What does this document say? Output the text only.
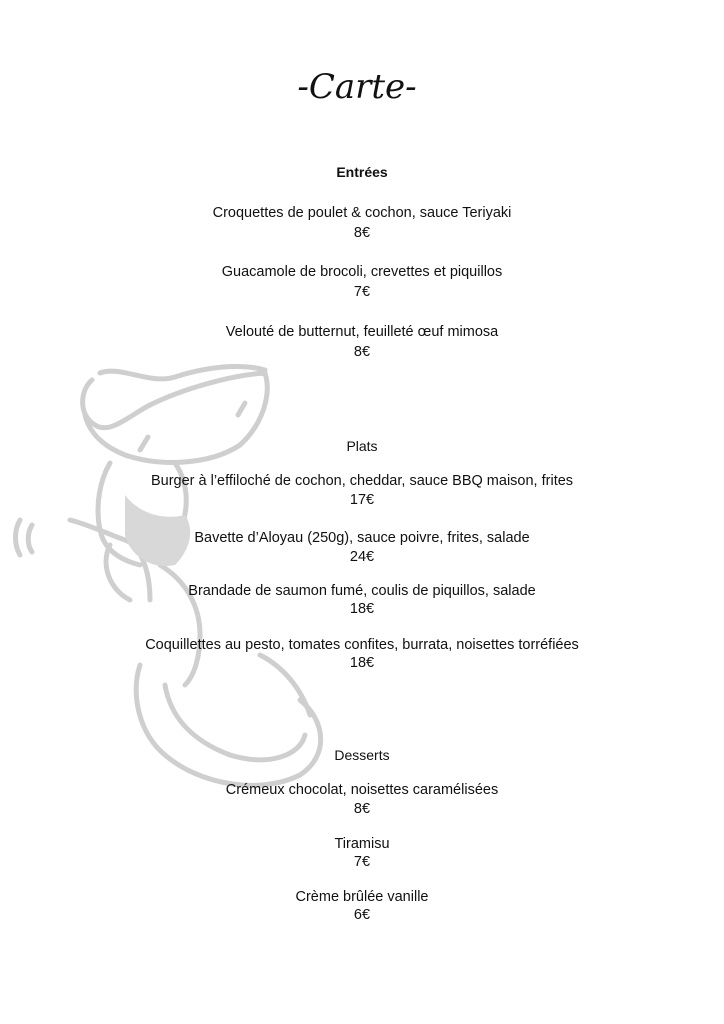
-Carte-
Entrées
Croquettes de poulet & cochon, sauce Teriyaki
8€
Guacamole de brocoli, crevettes et piquillos
7€
Velouté de butternut, feuilleté œuf mimosa
8€
Plats
Burger à l’effiloché de cochon, cheddar, sauce BBQ maison, frites
17€
Bavette d’Aloyau (250g), sauce poivre, frites, salade
24€
Brandade de saumon fumé, coulis de piquillos, salade
18€
Coquillettes au pesto, tomates confites, burrata, noisettes torréfiées
18€
Desserts
Crémeux chocolat, noisettes caramélisées
8€
Tiramisu
7€
Crème brûlée vanille
6€
